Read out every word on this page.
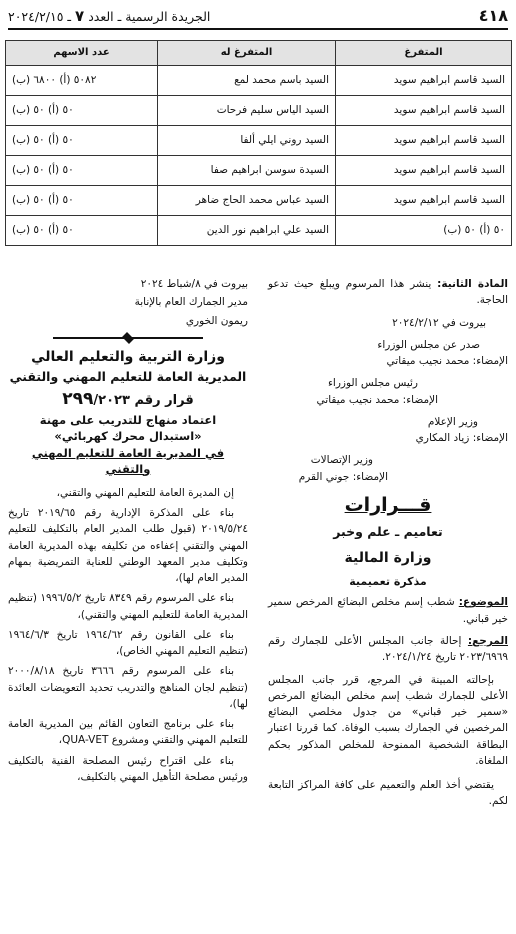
٤١٨
الجريدة الرسمية ـ العدد ٧ ـ ٢٠٢٤/٢/١٥
المتفرغ	المتفرغ له	عدد الاسهم
السيد قاسم ابراهيم سويد	السيد باسم محمد لمع	٥٠٨٢ (أ) ٦٨٠٠ (ب)
السيد قاسم ابراهيم سويد	السيد الياس سليم فرحات	٥٠ (أ) ٥٠ (ب)
السيد قاسم ابراهيم سويد	السيد روني ايلي ألفا	٥٠ (أ) ٥٠ (ب)
السيد قاسم ابراهيم سويد	السيدة سوسن ابراهيم صفا	٥٠ (أ) ٥٠ (ب)
السيد قاسم ابراهيم سويد	السيد عباس محمد الحاج ضاهر	٥٠ (أ) ٥٠ (ب)
٥٠ (أ) ٥٠ (ب)	السيد علي ابراهيم نور الدين	٥٠ (أ) ٥٠ (ب)

المادة الثانية: ينشر هذا المرسوم ويبلغ حيث تدعو الحاجة.

بيروت في ٢٠٢٤/٢/١٢

صدر عن مجلس الوزراء

الإمضاء: محمد نجيب ميقاتي

رئيس مجلس الوزراء

الإمضاء: محمد نجيب ميقاتي

وزير الإعلام

الإمضاء: زياد المكاري

وزير الإتصالات

الإمضاء: جوني القرم

قـــرارات

تعاميم ـ علم وخبر

وزارة المالية

مذكرة تعميمية

الموضوع: شطب إسم مخلص البضائع المرخص سمير خير قباني.

المرجع: إحالة جانب المجلس الأعلى للجمارك رقم ٢٠٢٣/٦٩٦٩ تاريخ ٢٠٢٤/١/٢٤.

بإحالته المبينة في المرجع، قرر جانب المجلس الأعلى للجمارك شطب إسم مخلص البضائع المرخص «سمير خير قباني» من جدول مخلصي البضائع المرخصين في الجمارك بسبب الوفاة. كما قررنا اعتبار البطاقة الشخصية الممنوحة للمخلص المذكور بحكم الملغاة.

يقتضي أخذ العلم والتعميم على كافة المراكز التابعة لكم.

بيروت في ٨/شباط ٢٠٢٤

مدير الجمارك العام بالإنابة

ريمون الخوري

وزارة التربية والتعليم العالي

المديرية العامة للتعليم المهني والتقني

قرار رقم ٢٩٩/٢٠٢٣

اعتماد منهاج للتدريب على مهنة

«استبدال محرك كهربائي»

في المديرية العامة للتعليم المهني والتقني

إن المديرة العامة للتعليم المهني والتقني،

بناء على المذكرة الإدارية رقم ٢٠١٩/٦٥ تاريخ ٢٠١٩/٥/٢٤ (قبول طلب المدير العام بالتكليف للتعليم المهني والتقني إعفاءه من تكليفه بهذه المديرية العامة وتكليف مدير المعهد الوطني للعناية التمريضية بمهام المدير العام لها)،

بناء على المرسوم رقم ٨٣٤٩ تاريخ ١٩٩٦/٥/٢ (تنظيم المديرية العامة للتعليم المهني والتقني)،

بناء على القانون رقم ١٩٦٤/٦٢ تاريخ ١٩٦٤/٦/٣ (تنظيم التعليم المهني الخاص)،

بناء على المرسوم رقم ٣٦٦٦ تاريخ ٢٠٠٠/٨/١٨ (تنظيم لجان المناهج والتدريب تحديد التعويضات العائدة لها)،

بناء على برنامج التعاون القائم بين المديرية العامة للتعليم المهني والتقني ومشروع QUA-VET،

بناء على اقتراح رئيس المصلحة الفنية بالتكليف ورئيس مصلحة التأهيل المهني بالتكليف،
